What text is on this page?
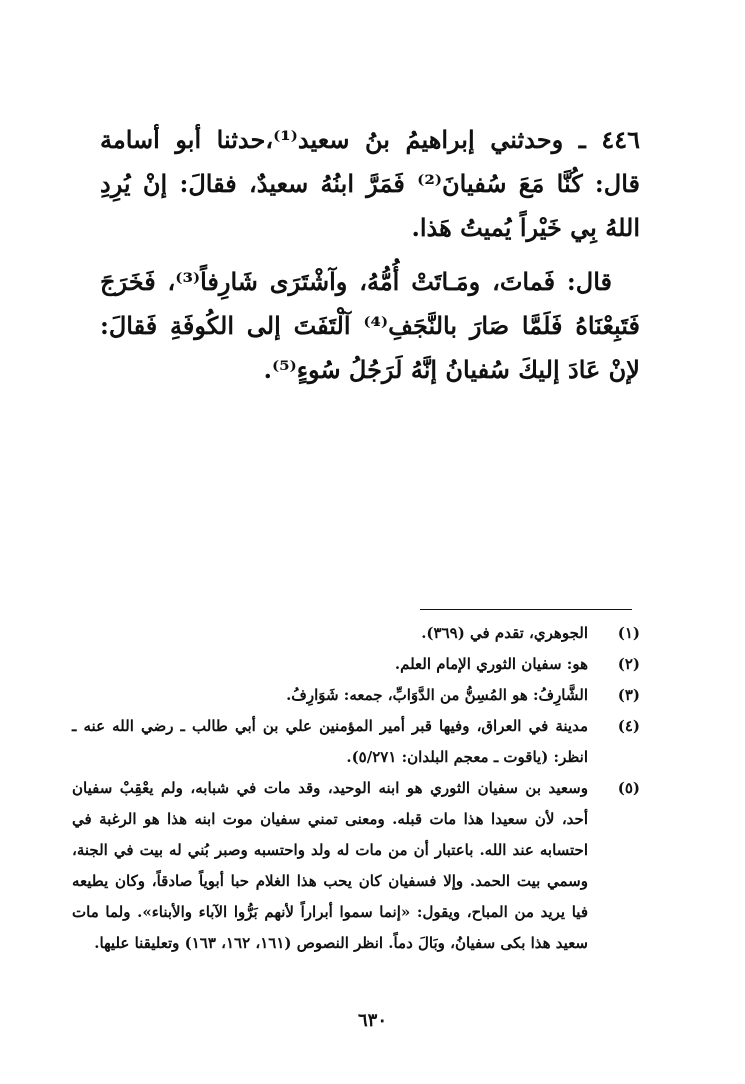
٤٤٦ ـ وحدثني إبراهيمُ بنُ سعيد⁽¹⁾،حدثنا أبو أسامة قال: كُنَّا مَعَ سُفيانَ⁽²⁾ فَمَرَّ ابنُهُ سعيدٌ، فقالَ: إنْ يُرِدِ اللهُ بِي خَيْراً يُميتُ هَذا.

قال: فَماتَ، ومَـاتَتْ أُمُّهُ، وآشْتَرَى شَارِفاً⁽³⁾، فَخَرَجَ فَتَبِعْنَاهُ فَلَمَّا صَارَ بالنَّجَفِ⁽⁴⁾ آلْتَفَتَ إلى الكُوفَةِ فَقالَ: لإنْ عَادَ إليكَ سُفيانُ إنَّهُ لَرَجُلُ سُوءٍ⁽⁵⁾.

(١)
الجوهري، تقدم في (٣٦٩).
(٢)
هو: سفيان الثوري الإمام العلم.
(٣)
الشَّارِفُ: هو المُسِنُّ من الدَّوَابِّ، جمعه: شَوَارِفُ.
(٤)
مدينة في العراق، وفيها قبر أمير المؤمنين علي بن أبي طالب ـ رضي الله عنه ـ انظر: (ياقوت ـ معجم البلدان: ٥/٢٧١).
(٥)
وسعيد بن سفيان الثوري هو ابنه الوحيد، وقد مات في شبابه، ولم يعْقِبْ سفيان أحد، لأن سعيدا هذا مات قبله. ومعنى تمني سفيان موت ابنه هذا هو الرغبة في احتسابه عند الله. باعتبار أن من مات له ولد واحتسبه وصبر بُني له بيت في الجنة، وسمي بيت الحمد. وإلا فسفيان كان يحب هذا الغلام حبا أبوياً صادقاً، وكان يطيعه فيا يريد من المباح، ويقول: «إنما سموا أبراراً لأنهم بَرُّوا الآباء والأبناء». ولما مات سعيد هذا بكى سفيانُ، وبَالَ دماً. انظر النصوص (١٦١، ١٦٢، ١٦٣) وتعليقنا عليها.
٦٣٠
